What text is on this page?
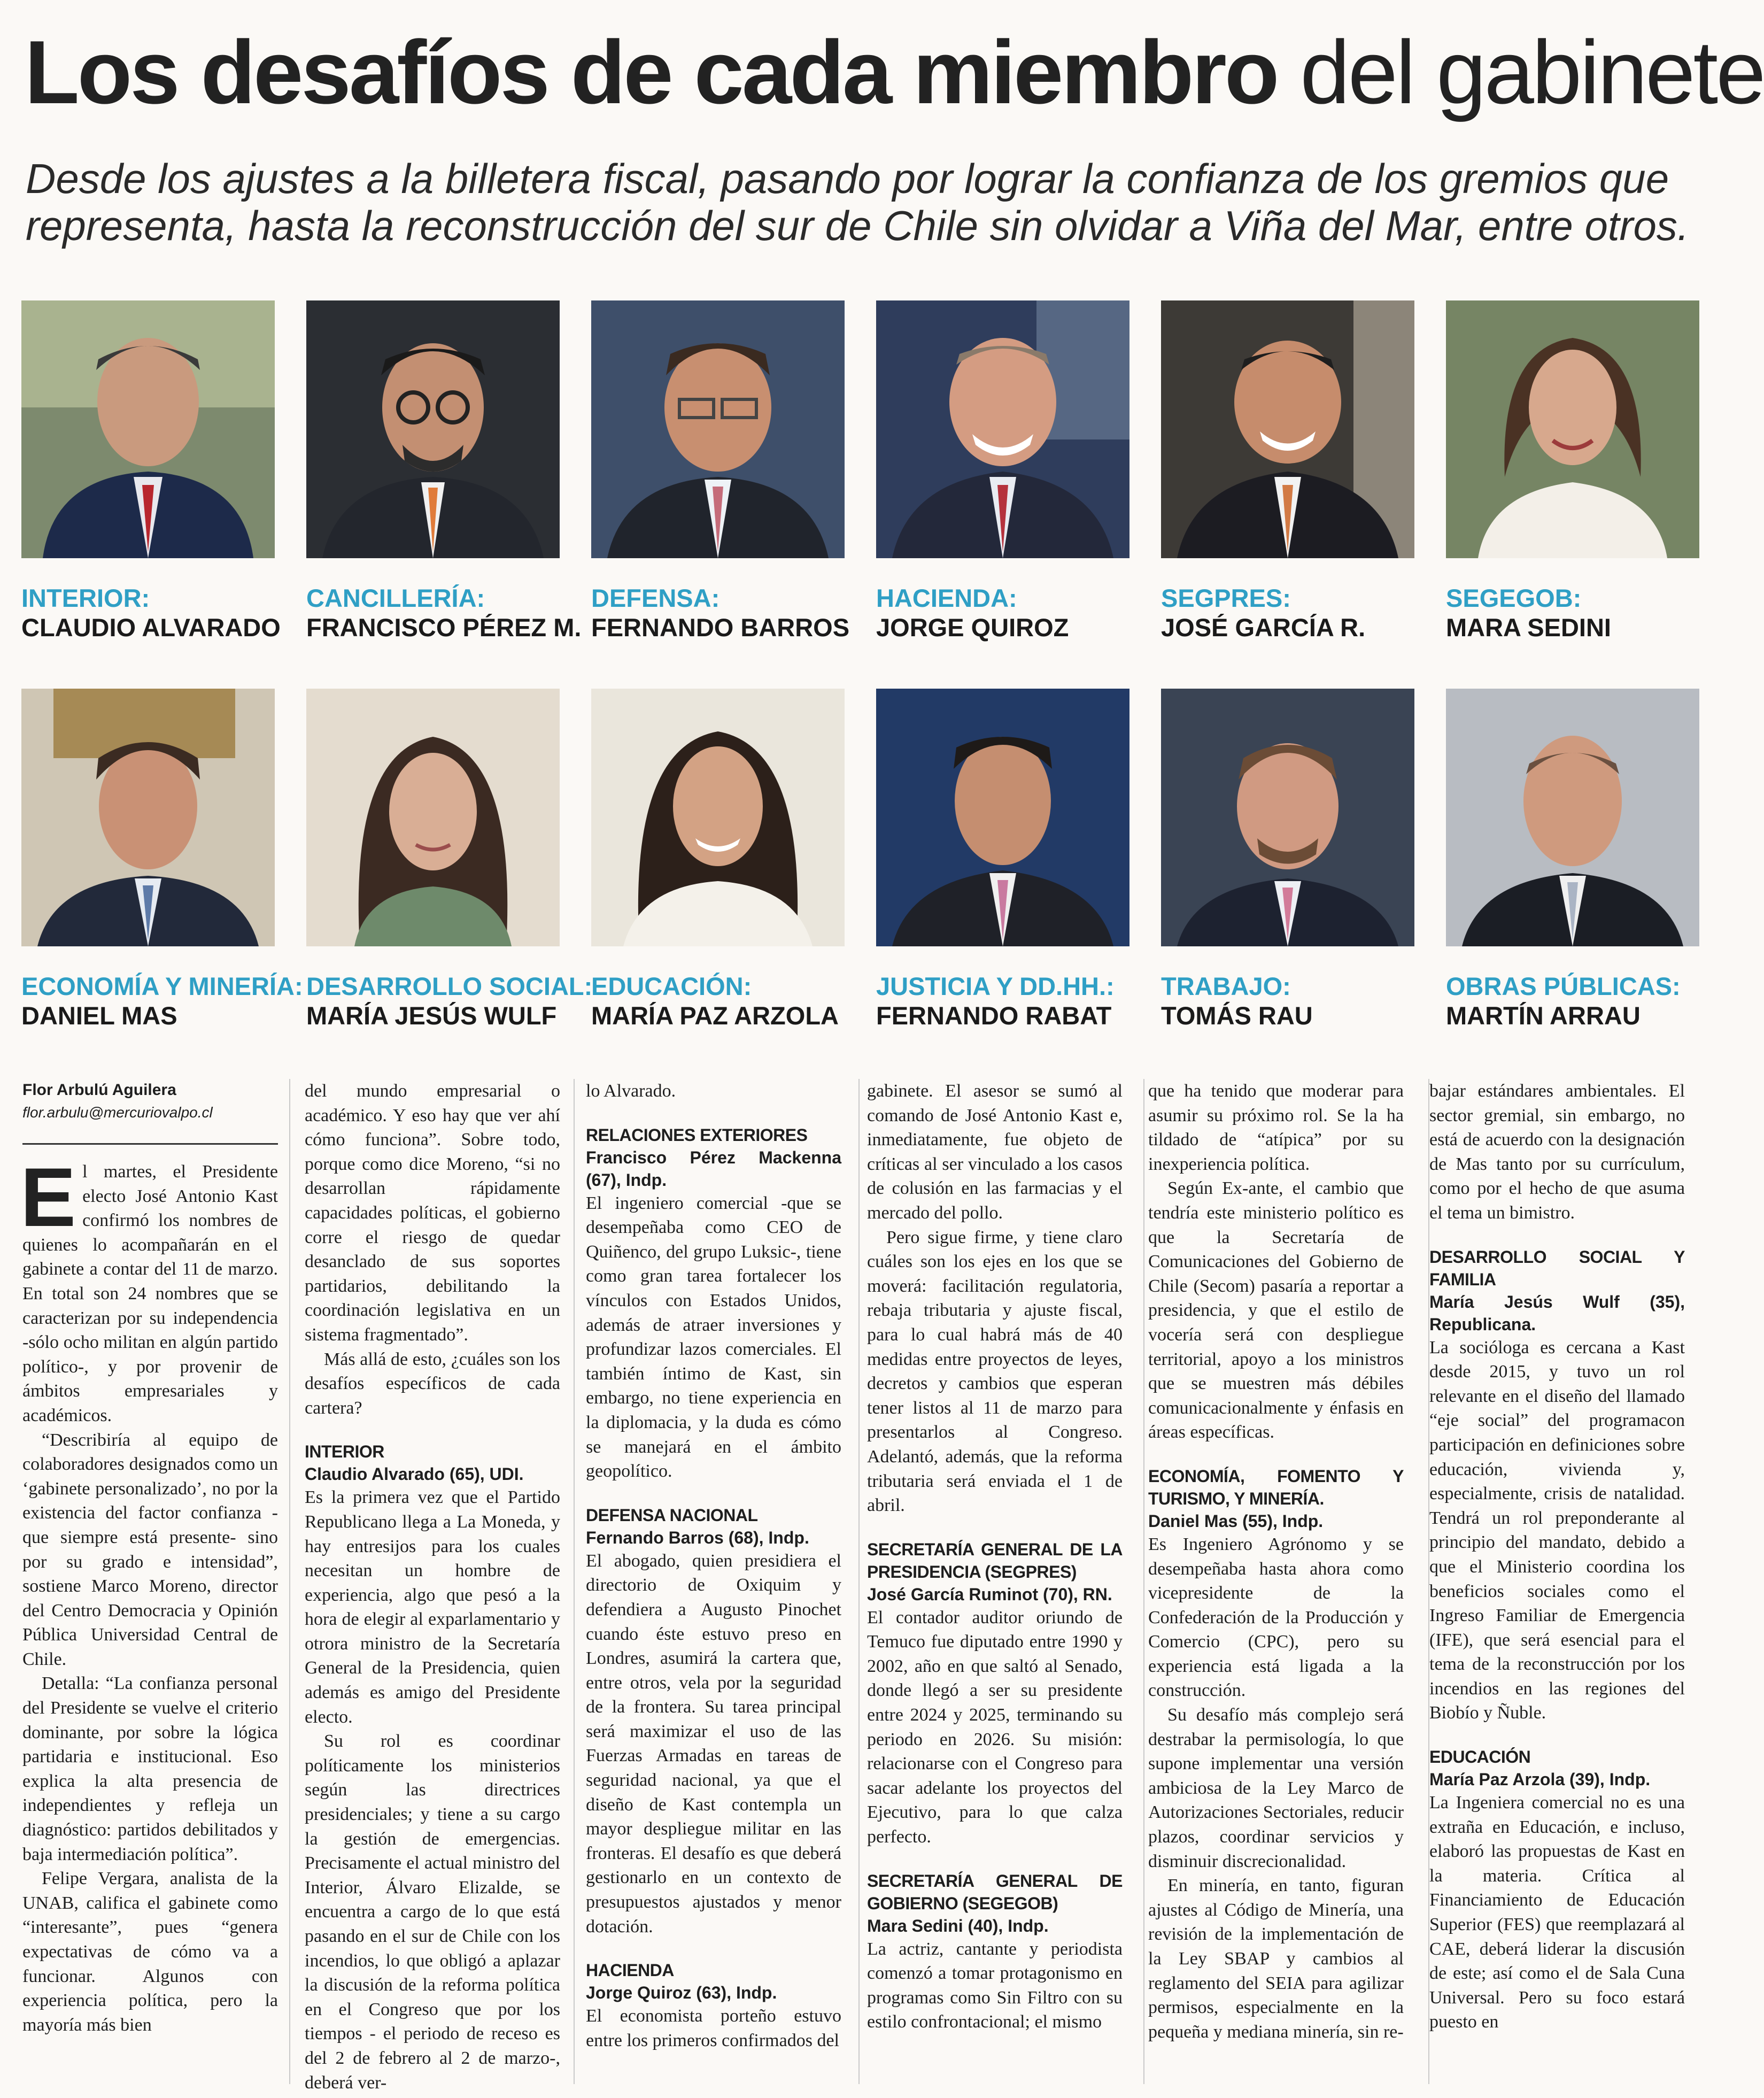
Los desafíos de cada miembro del gabinete
Desde los ajustes a la billetera fiscal, pasando por lograr la confianza de los gremios que representa, hasta la reconstrucción del sur de Chile sin olvidar a Viña del Mar, entre otros.
INTERIOR:
CLAUDIO ALVARADO
CANCILLERÍA:
FRANCISCO PÉREZ M.
DEFENSA:
FERNANDO BARROS
HACIENDA:
JORGE QUIROZ
SEGPRES:
JOSÉ GARCÍA R.
SEGEGOB:
MARA SEDINI
ECONOMÍA Y MINERÍA:
DANIEL MAS
DESARROLLO SOCIAL:
MARÍA JESÚS WULF
EDUCACIÓN:
MARÍA PAZ ARZOLA
JUSTICIA Y DD.HH.:
FERNANDO RABAT
TRABAJO:
TOMÁS RAU
OBRAS PÚBLICAS:
MARTÍN ARRAU
Flor Arbulú Aguilera
flor.arbulu@mercuriovalpo.cl

El martes, el Presidente electo José Antonio Kast confirmó los nombres de quienes lo acompañarán en el gabinete a contar del 11 de marzo. En total son 24 nombres que se caracterizan por su independencia -sólo ocho militan en algún partido político-, y por provenir de ámbitos empresariales y académicos.

“Describiría al equipo de colaboradores designados como un ‘gabinete personalizado’, no por la existencia del factor confianza -que siempre está presente- sino por su grado e intensidad”, sostiene Marco Moreno, director del Centro Democracia y Opinión Pública Universidad Central de Chile.

Detalla: “La confianza personal del Presidente se vuelve el criterio dominante, por sobre la lógica partidaria e institucional. Eso explica la alta presencia de independientes y refleja un diagnóstico: partidos debilitados y baja intermediación política”.

Felipe Vergara, analista de la UNAB, califica el gabinete como “interesante”, pues “genera expectativas de cómo va a funcionar. Algunos con experiencia política, pero la mayoría más bien

del mundo empresarial o académico. Y eso hay que ver ahí cómo funciona”. Sobre todo, porque como dice Moreno, “si no desarrollan rápidamente capacidades políticas, el gobierno corre el riesgo de quedar desanclado de sus soportes partidarios, debilitando la coordinación legislativa en un sistema fragmentado”.

Más allá de esto, ¿cuáles son los desafíos específicos de cada cartera?

INTERIOR
Claudio Alvarado (65), UDI.

Es la primera vez que el Partido Republicano llega a La Moneda, y hay entresijos para los cuales necesitan un hombre de experiencia, algo que pesó a la hora de elegir al exparlamentario y otrora ministro de la Secretaría General de la Presidencia, quien además es amigo del Presidente electo.

Su rol es coordinar políticamente los ministerios según las directrices presidenciales; y tiene a su cargo la gestión de emergencias. Precisamente el actual ministro del Interior, Álvaro Elizalde, se encuentra a cargo de lo que está pasando en el sur de Chile con los incendios, lo que obligó a aplazar la discusión de la reforma política en el Congreso que por los tiempos - el periodo de receso es del 2 de febrero al 2 de marzo-, deberá ver-

lo Alvarado.

RELACIONES EXTERIORES
Francisco Pérez Mackenna (67), Indp.

El ingeniero comercial -que se desempeñaba como CEO de Quiñenco, del grupo Luksic-, tiene como gran tarea fortalecer los vínculos con Estados Unidos, además de atraer inversiones y profundizar lazos comerciales. El también íntimo de Kast, sin embargo, no tiene experiencia en la diplomacia, y la duda es cómo se manejará en el ámbito geopolítico.

DEFENSA NACIONAL
Fernando Barros (68), Indp.

El abogado, quien presidiera el directorio de Oxiquim y defendiera a Augusto Pinochet cuando éste estuvo preso en Londres, asumirá la cartera que, entre otros, vela por la seguridad de la frontera. Su tarea principal será maximizar el uso de las Fuerzas Armadas en tareas de seguridad nacional, ya que el diseño de Kast contempla un mayor despliegue militar en las fronteras. El desafío es que deberá gestionarlo en un contexto de presupuestos ajustados y menor dotación.

HACIENDA
Jorge Quiroz (63), Indp.

El economista porteño estuvo entre los primeros confirmados del

gabinete. El asesor se sumó al comando de José Antonio Kast e, inmediatamente, fue objeto de críticas al ser vinculado a los casos de colusión en las farmacias y el mercado del pollo.

Pero sigue firme, y tiene claro cuáles son los ejes en los que se moverá: facilitación regulatoria, rebaja tributaria y ajuste fiscal, para lo cual habrá más de 40 medidas entre proyectos de leyes, decretos y cambios que esperan tener listos al 11 de marzo para presentarlos al Congreso. Adelantó, además, que la reforma tributaria será enviada el 1 de abril.

SECRETARÍA GENERAL DE LA PRESIDENCIA (SEGPRES)
José García Ruminot (70), RN.

El contador auditor oriundo de Temuco fue diputado entre 1990 y 2002, año en que saltó al Senado, donde llegó a ser su presidente entre 2024 y 2025, terminando su periodo en 2026. Su misión: relacionarse con el Congreso para sacar adelante los proyectos del Ejecutivo, para lo que calza perfecto.

SECRETARÍA GENERAL DE GOBIERNO (SEGEGOB)
Mara Sedini (40), Indp.

La actriz, cantante y periodista comenzó a tomar protagonismo en programas como Sin Filtro con su estilo confrontacional; el mismo

que ha tenido que moderar para asumir su próximo rol. Se la ha tildado de “atípica” por su inexperiencia política.

Según Ex-ante, el cambio que tendría este ministerio político es que la Secretaría de Comunicaciones del Gobierno de Chile (Secom) pasaría a reportar a presidencia, y que el estilo de vocería será con despliegue territorial, apoyo a los ministros que se muestren más débiles comunicacionalmente y énfasis en áreas específicas.

ECONOMÍA, FOMENTO Y TURISMO, Y MINERÍA.
Daniel Mas (55), Indp.

Es Ingeniero Agrónomo y se desempeñaba hasta ahora como vicepresidente de la Confederación de la Producción y Comercio (CPC), pero su experiencia está ligada a la construcción.

Su desafío más complejo será destrabar la permisología, lo que supone implementar una versión ambiciosa de la Ley Marco de Autorizaciones Sectoriales, reducir plazos, coordinar servicios y disminuir discrecionalidad.

En minería, en tanto, figuran ajustes al Código de Minería, una revisión de la implementación de la Ley SBAP y cambios al reglamento del SEIA para agilizar permisos, especialmente en la pequeña y mediana minería, sin re-

bajar estándares ambientales. El sector gremial, sin embargo, no está de acuerdo con la designación de Mas tanto por su currículum, como por el hecho de que asuma el tema un bimistro.

DESARROLLO SOCIAL Y FAMILIA
María Jesús Wulf (35), Republicana.

La socióloga es cercana a Kast desde 2015, y tuvo un rol relevante en el diseño del llamado “eje social” del programacon participación en definiciones sobre educación, vivienda y, especialmente, crisis de natalidad. Tendrá un rol preponderante al principio del mandato, debido a que el Ministerio coordina los beneficios sociales como el Ingreso Familiar de Emergencia (IFE), que será esencial para el tema de la reconstrucción por los incendios en las regiones del Biobío y Ñuble.

EDUCACIÓN
María Paz Arzola (39), Indp.

La Ingeniera comercial no es una extraña en Educación, e incluso, elaboró las propuestas de Kast en la materia. Crítica al Financiamiento de Educación Superior (FES) que reemplazará al CAE, deberá liderar la discusión de este; así como el de Sala Cuna Universal. Pero su foco estará puesto en
